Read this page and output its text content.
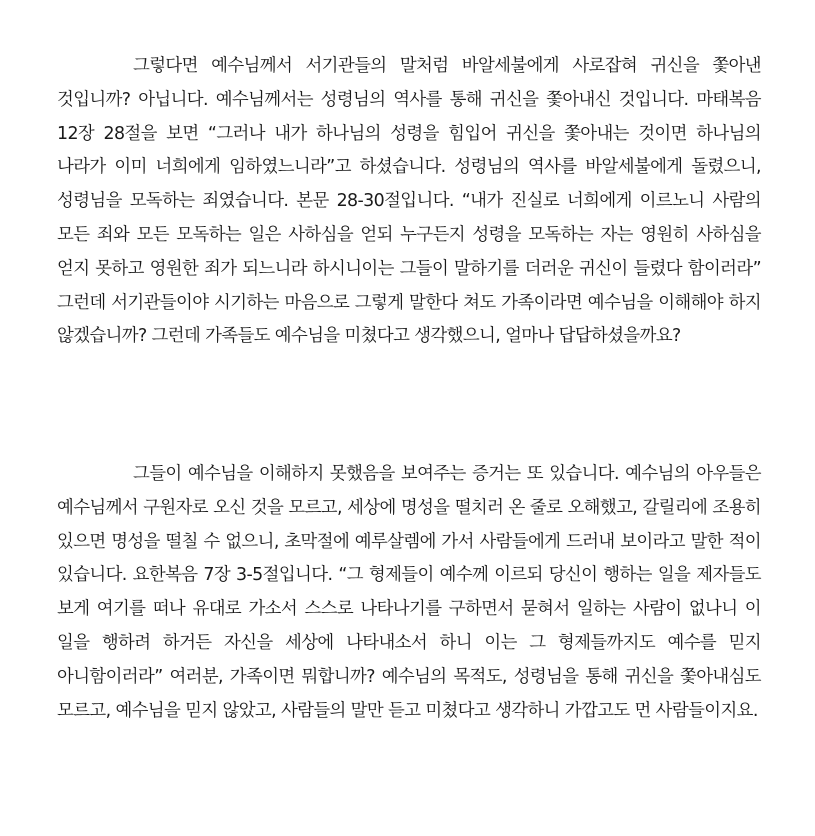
그렇다면 예수님께서 서기관들의 말처럼 바알세불에게 사로잡혀 귀신을 쫓아낸 것입니까? 아닙니다. 예수님께서는 성령님의 역사를 통해 귀신을 쫓아내신 것입니다. 마태복음 12장 28절을 보면 “그러나 내가 하나님의 성령을 힘입어 귀신을 쫓아내는 것이면 하나님의 나라가 이미 너희에게 임하였느니라”고 하셨습니다. 성령님의 역사를 바알세불에게 돌렸으니, 성령님을 모독하는 죄였습니다. 본문 28-30절입니다. “내가 진실로 너희에게 이르노니 사람의 모든 죄와 모든 모독하는 일은 사하심을 얻되 누구든지 성령을 모독하는 자는 영원히 사하심을 얻지 못하고 영원한 죄가 되느니라 하시니이는 그들이 말하기를 더러운 귀신이 들렸다 함이러라” 그런데 서기관들이야 시기하는 마음으로 그렇게 말한다 쳐도 가족이라면 예수님을 이해해야 하지 않겠습니까? 그런데 가족들도 예수님을 미쳤다고 생각했으니, 얼마나 답답하셨을까요?

그들이 예수님을 이해하지 못했음을 보여주는 증거는 또 있습니다. 예수님의 아우들은 예수님께서 구원자로 오신 것을 모르고, 세상에 명성을 떨치러 온 줄로 오해했고, 갈릴리에 조용히 있으면 명성을 떨칠 수 없으니, 초막절에 예루살렘에 가서 사람들에게 드러내 보이라고 말한 적이 있습니다. 요한복음 7장 3-5절입니다. “그 형제들이 예수께 이르되 당신이 행하는 일을 제자들도 보게 여기를 떠나 유대로 가소서 스스로 나타나기를 구하면서 묻혀서 일하는 사람이 없나니 이 일을 행하려 하거든 자신을 세상에 나타내소서 하니 이는 그 형제들까지도 예수를 믿지 아니함이러라” 여러분, 가족이면 뭐합니까? 예수님의 목적도, 성령님을 통해 귀신을 쫓아내심도 모르고, 예수님을 믿지 않았고, 사람들의 말만 듣고 미쳤다고 생각하니 가깝고도 먼 사람들이지요.
